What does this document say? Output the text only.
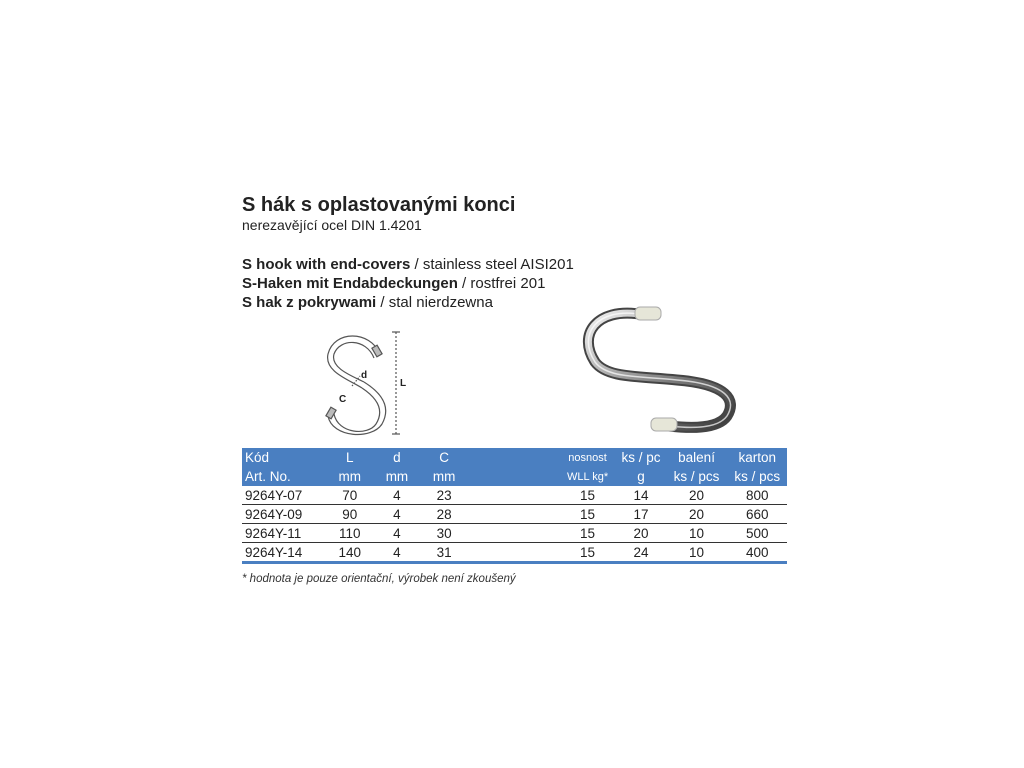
S hák s oplastovanými konci
nerezavějící ocel DIN 1.4201
S hook with end-covers / stainless steel AISI201
S-Haken mit Endabdeckungen / rostfrei 201
S hak z pokrywami / stal nierdzewna
d
C
L
Kód	L	d	C		nosnost	ks / pc	balení	karton
Art. No.	mm	mm	mm		WLL kg*	g	ks / pcs	ks / pcs
9264Y-07	70	4	23		15	14	20	800
9264Y-09	90	4	28		15	17	20	660
9264Y-11	110	4	30		15	20	10	500
9264Y-14	140	4	31		15	24	10	400
* hodnota je pouze orientační, výrobek není zkoušený
